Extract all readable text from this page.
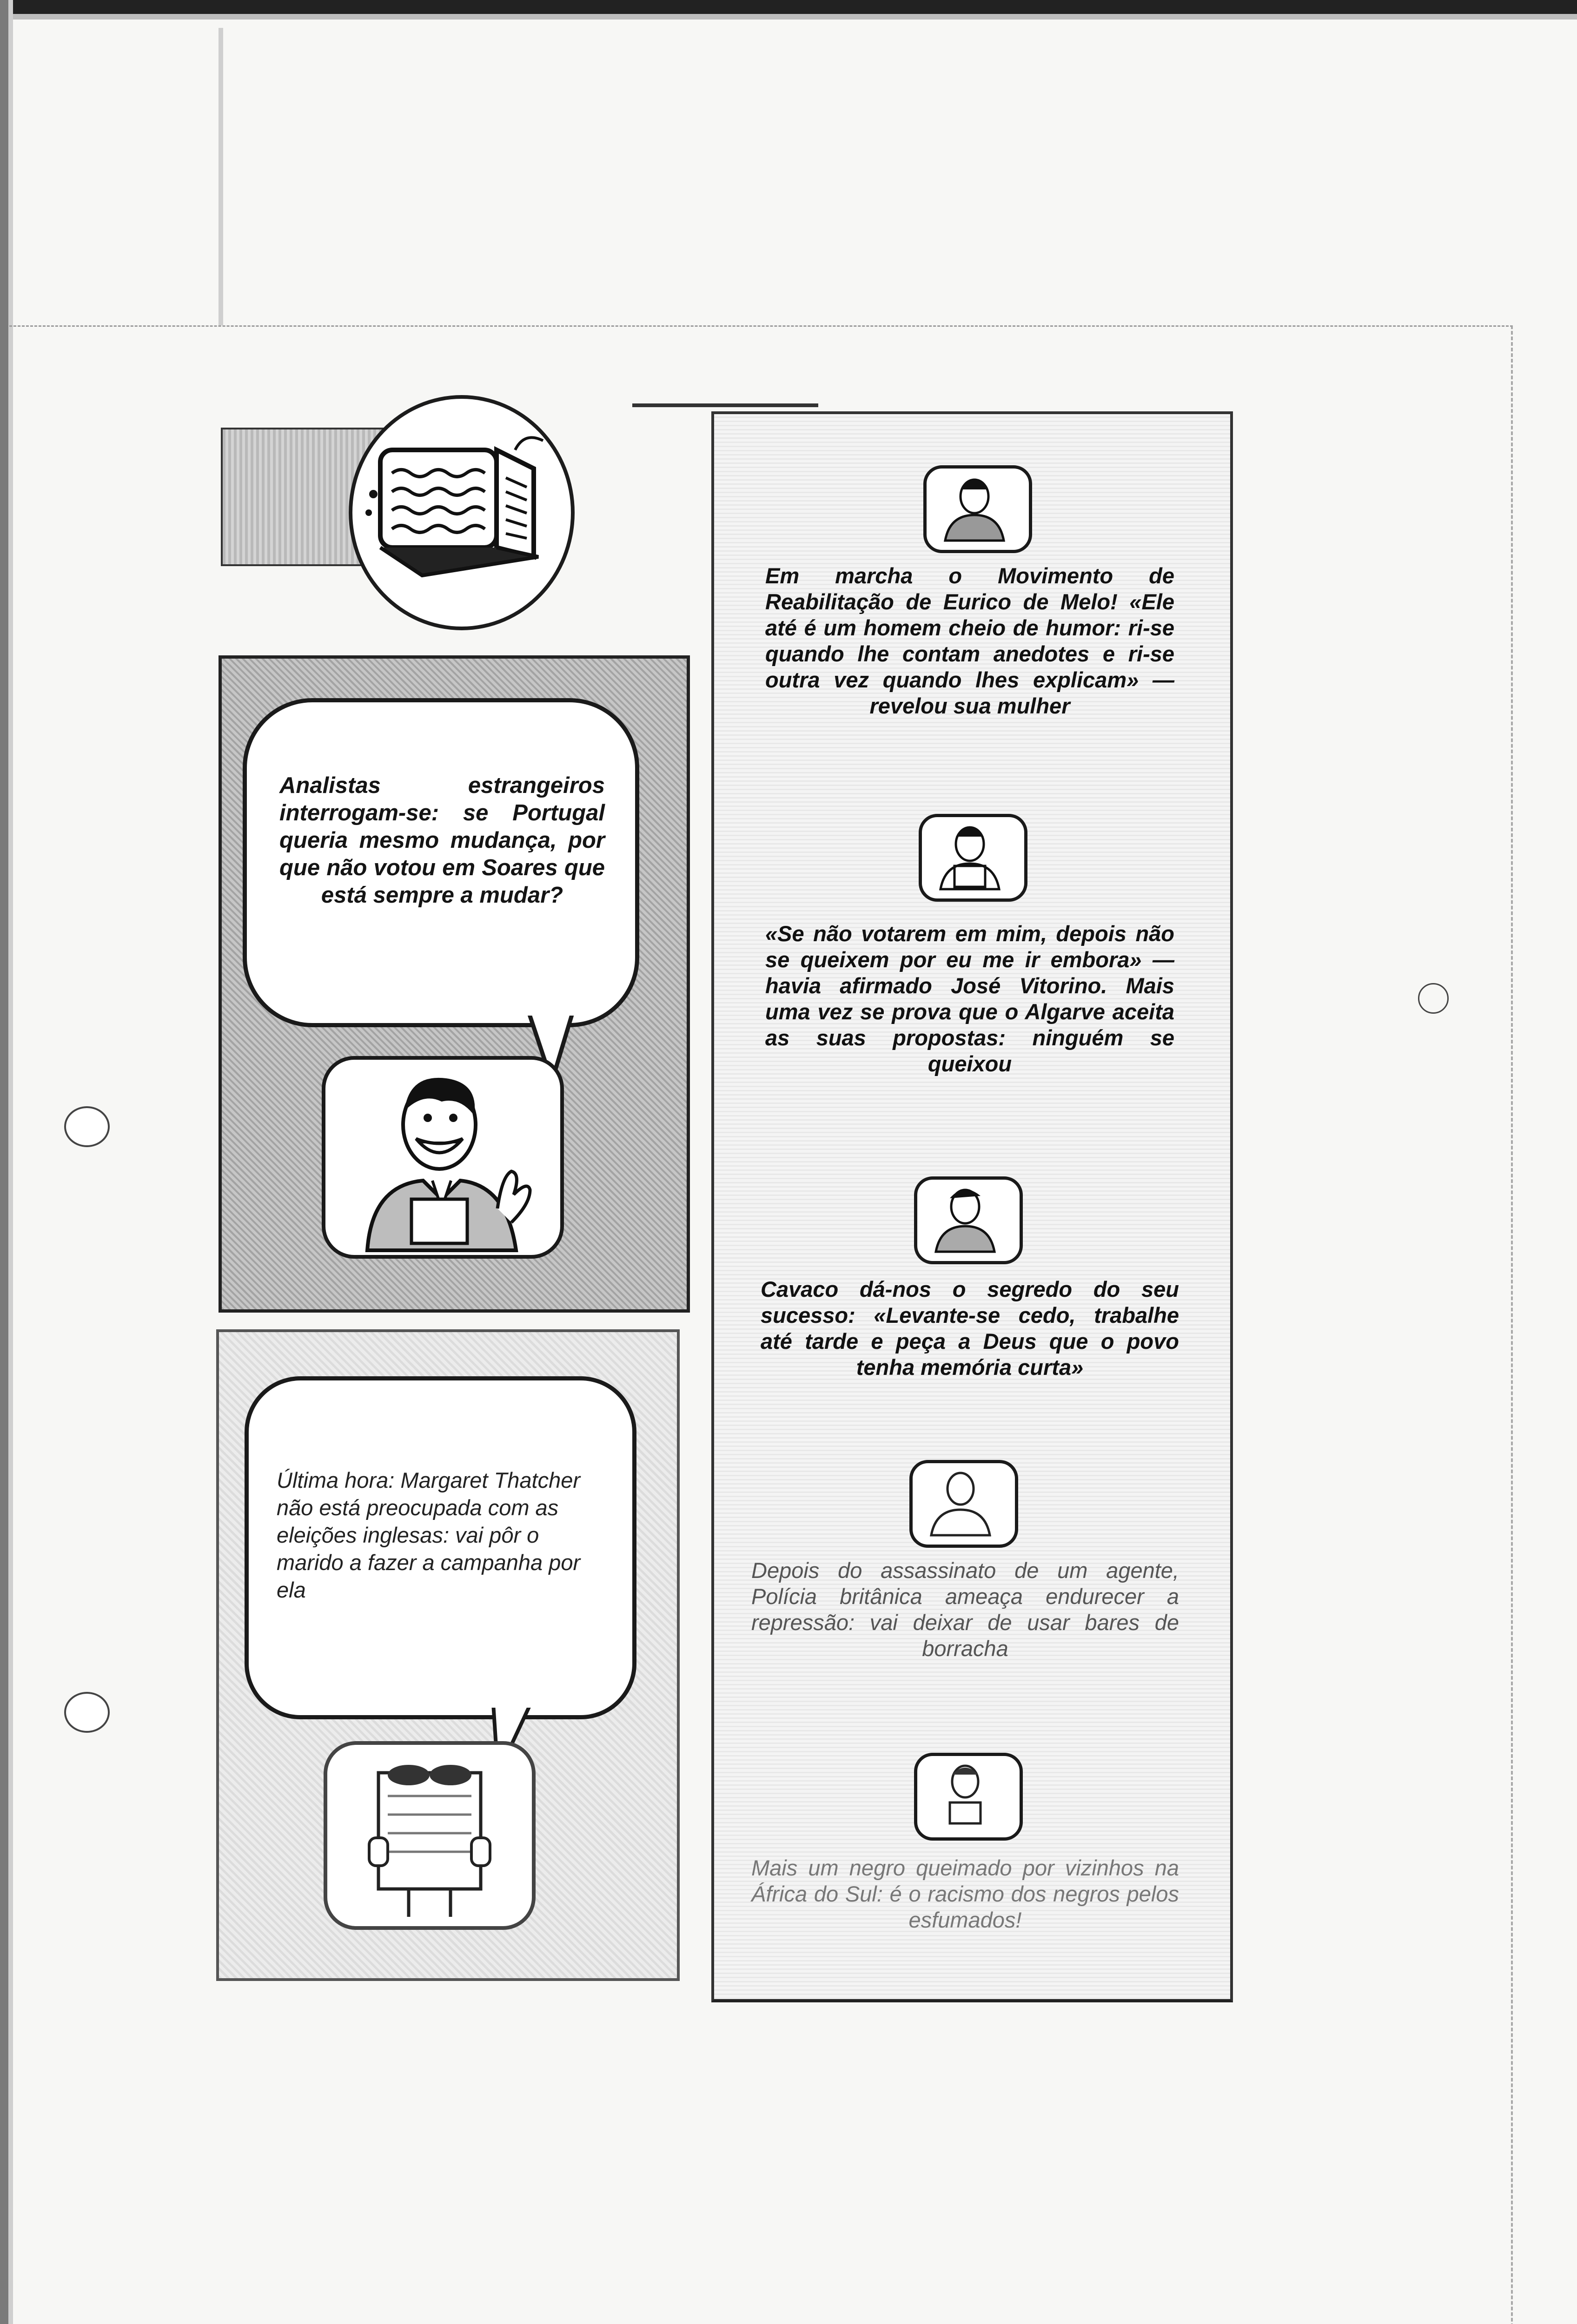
Analistas estrangeiros interrogam-se: se Portugal queria mesmo mudança, por que não votou em Soares que está sempre a mudar?
Última hora: Margaret Thatcher não está preocupada com as eleições inglesas: vai pôr o marido a fazer a campanha por ela
Em marcha o Movimento de Reabilitação de Eurico de Melo! «Ele até é um homem cheio de humor: ri-se quando lhe contam anedotes e ri-se outra vez quando lhes explicam» — revelou sua mulher
«Se não votarem em mim, depois não se queixem por eu me ir embora» — havia afirmado José Vitorino. Mais uma vez se prova que o Algarve aceita as suas propostas: ninguém se queixou
Cavaco dá-nos o segredo do seu sucesso: «Levante-se cedo, trabalhe até tarde e peça a Deus que o povo tenha memória curta»
Depois do assassinato de um agente, Polícia britânica ameaça endurecer a repressão: vai deixar de usar bares de borracha
Mais um negro queimado por vizinhos na África do Sul: é o racismo dos negros pelos esfumados!
